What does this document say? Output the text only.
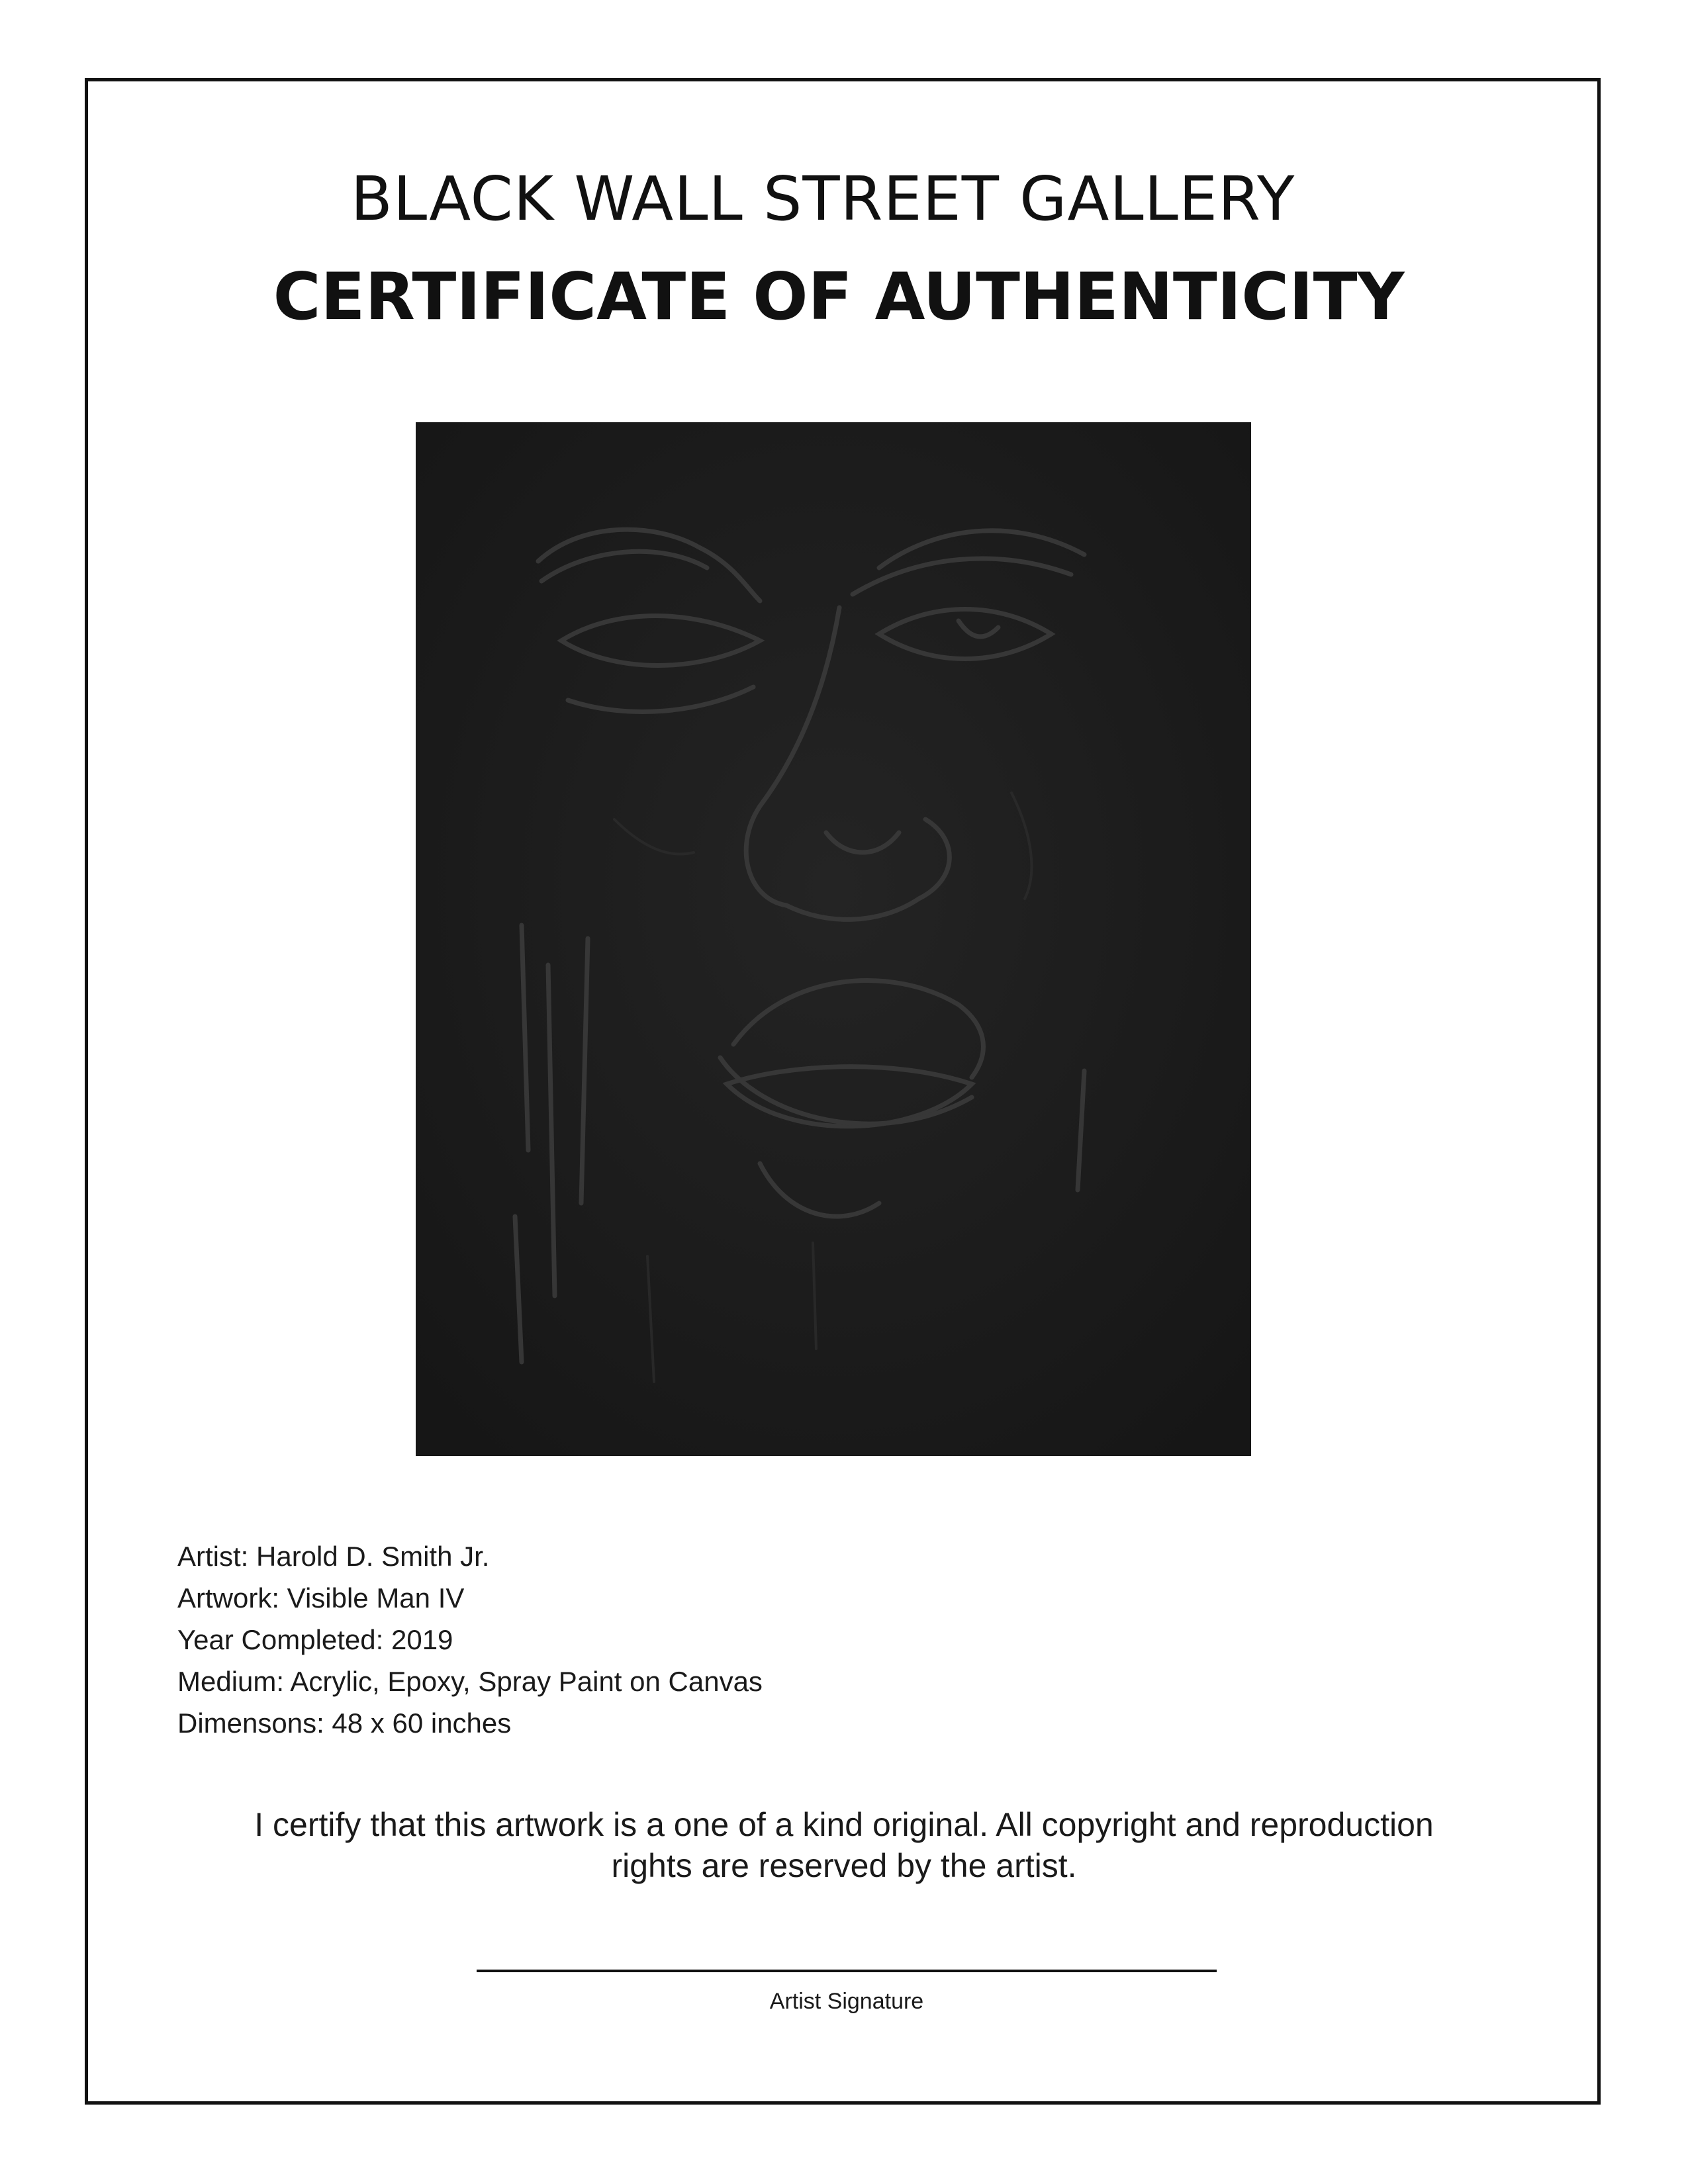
BLACK WALL STREET GALLERY
CERTIFICATE OF AUTHENTICITY
Artist: Harold D. Smith Jr.
Artwork: Visible Man IV
Year Completed: 2019
Medium: Acrylic, Epoxy, Spray Paint on Canvas
Dimensons: 48 x 60 inches
I certify that this artwork is a one of a kind original. All copyright and reproduction
rights are reserved by the artist.
Artist Signature
